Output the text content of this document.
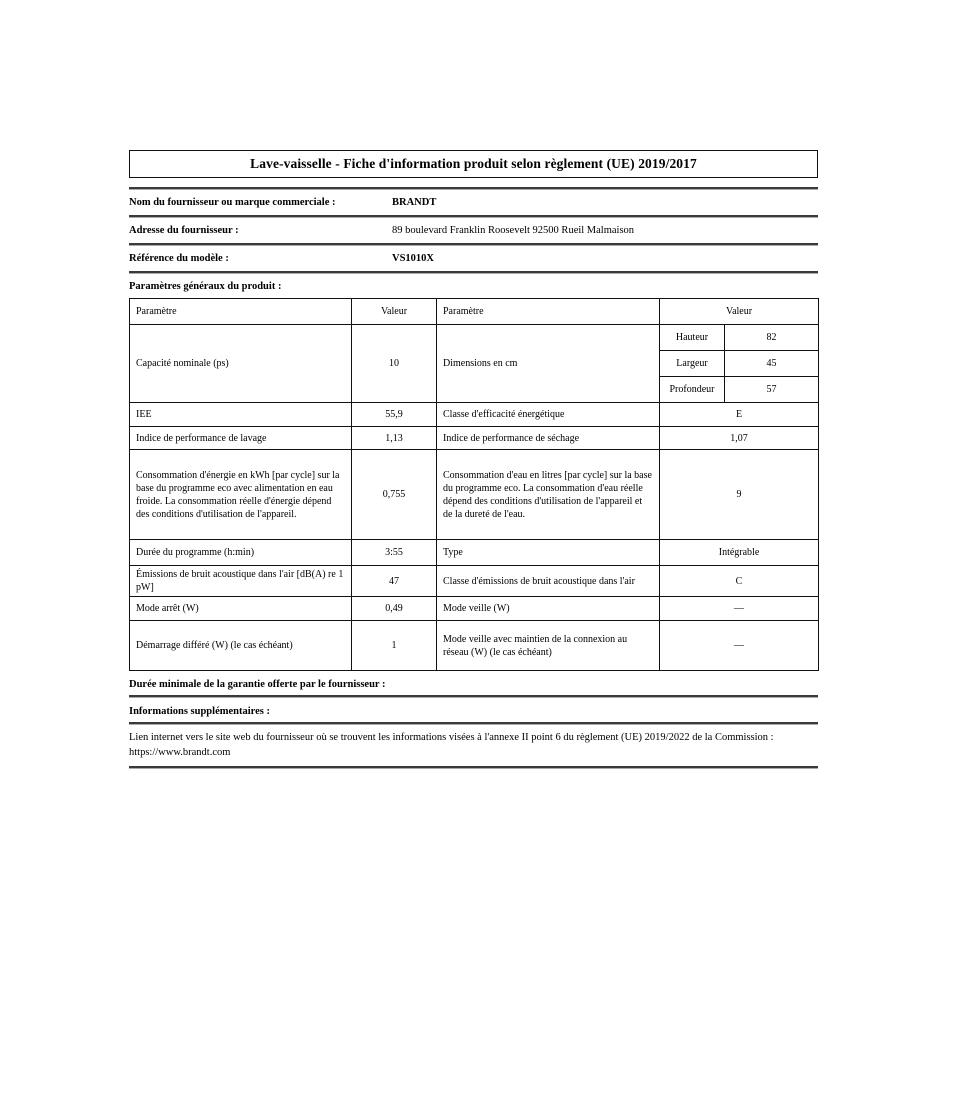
Lave-vaisselle - Fiche d'information produit selon règlement (UE) 2019/2017
Nom du fournisseur ou marque commerciale :	BRANDT
Adresse du fournisseur :	89 boulevard Franklin Roosevelt 92500 Rueil Malmaison
Référence du modèle :	VS1010X
Paramètres généraux du produit :
Paramètre	Valeur	Paramètre	Valeur	
Capacité nominale (ps)	10	Dimensions en cm	Hauteur	82
			Largeur	45
			Profondeur	57
IEE	55,9	Classe d'efficacité énergétique	E	
Indice de performance de lavage	1,13	Indice de performance de séchage	1,07	
Consommation d'énergie en kWh [par cycle] sur la base du programme eco avec alimentation en eau froide. La consommation réelle d'énergie dépend des conditions d'utilisation de l'appareil.	0,755	Consommation d'eau en litres [par cycle] sur la base du programme eco. La consommation d'eau réelle dépend des conditions d'utilisation de l'appareil et de la dureté de l'eau.	9	
Durée du programme (h:min)	3:55	Type	Intégrable	
Émissions de bruit acoustique dans l'air [dB(A) re 1 pW]	47	Classe d'émissions de bruit acoustique dans l'air	C	
Mode arrêt (W)	0,49	Mode veille (W)	—	
Démarrage différé (W) (le cas échéant)	1	Mode veille avec maintien de la connexion au réseau (W) (le cas échéant)	—	
Durée minimale de la garantie offerte par le fournisseur :
Informations supplémentaires :
Lien internet vers le site web du fournisseur où se trouvent les informations visées à l'annexe II point 6 du règlement (UE) 2019/2022 de la Commission :
https://www.brandt.com
